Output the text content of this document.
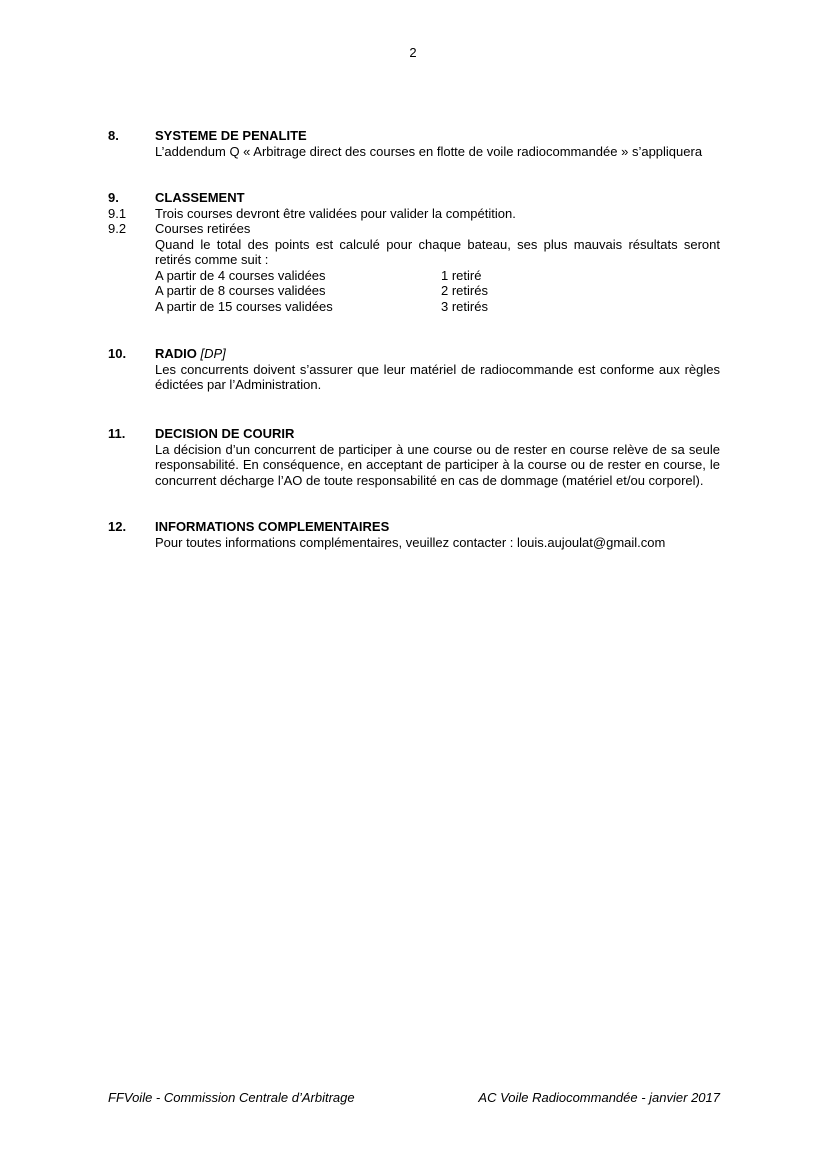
2
8.	SYSTEME DE PENALITE
L’addendum Q « Arbitrage direct des courses en flotte de voile radiocommandée » s’appliquera
9.	CLASSEMENT
9.1 Trois courses devront être validées pour valider la compétition.
9.2 Courses retirées
Quand le total des points est calculé pour chaque bateau, ses plus mauvais résultats seront retirés comme suit :
A partir de 4 courses validées	1 retiré
A partir de 8 courses validées	2 retirés
A partir de 15 courses validées	3 retirés
10. RADIO [DP]
Les concurrents doivent s’assurer que leur matériel de radiocommande est conforme aux règles édictées par l’Administration.
11. DECISION DE COURIR
La décision d’un concurrent de participer à une course ou de rester en course relève de sa seule responsabilité. En conséquence, en acceptant de participer à la course ou de rester en course, le concurrent décharge l’AO de toute responsabilité en cas de dommage (matériel et/ou corporel).
12. INFORMATIONS COMPLEMENTAIRES
Pour toutes informations complémentaires, veuillez contacter : louis.aujoulat@gmail.com
FFVoile - Commission Centrale d’Arbitrage	AC Voile Radiocommandée - janvier 2017
